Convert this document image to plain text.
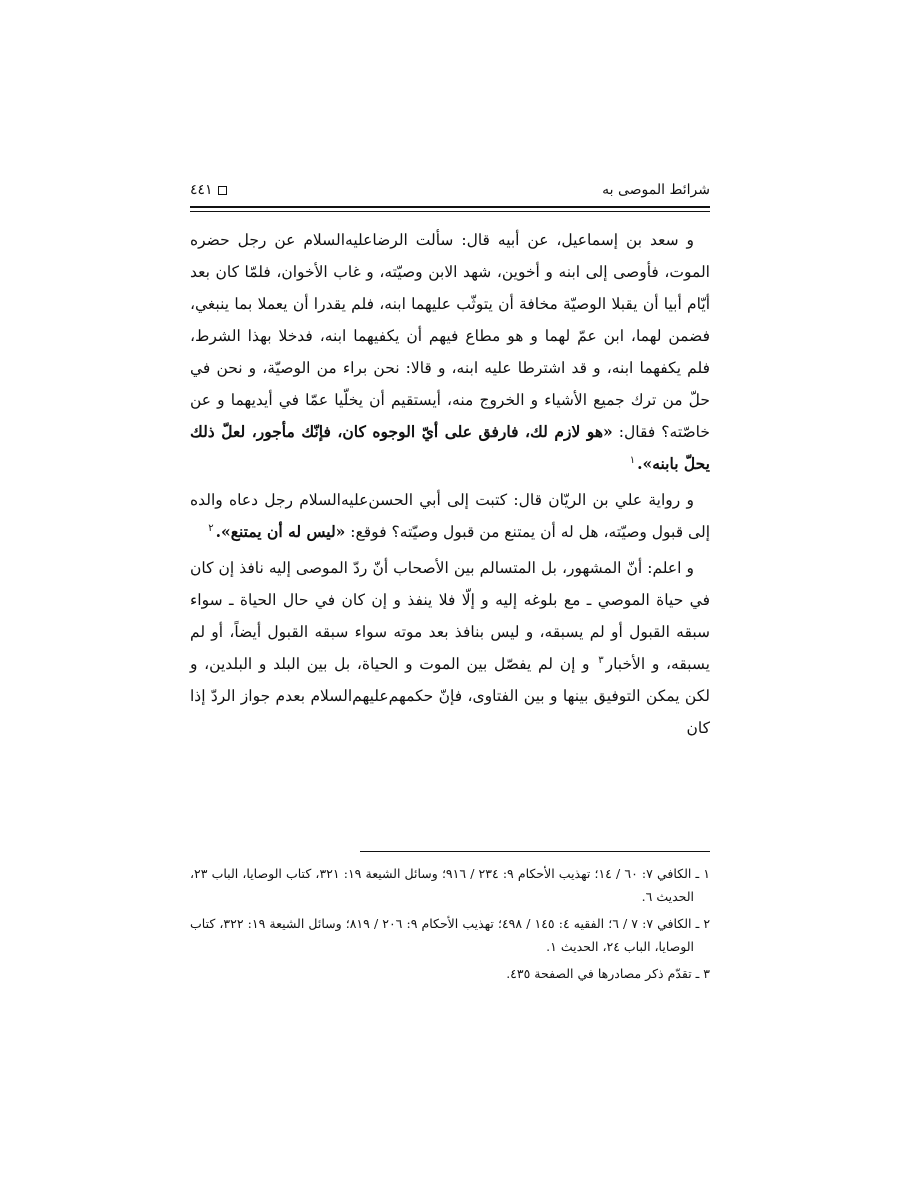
شرائط الموصى به
٤٤١

و سعد بن إسماعيل، عن أبيه قال: سألت الرضاعليه‌السلام عن رجل حضره الموت، فأوصى إلى ابنه و أخوين، شهد الابن وصيّته، و غاب الأخوان، فلمّا كان بعد أيّام أبيا أن يقبلا الوصيّة مخافة أن يتوثّب عليهما ابنه، فلم يقدرا أن يعملا بما ينبغي، فضمن لهما، ابن عمّ لهما و هو مطاع فيهم أن يكفيهما ابنه، فدخلا بهذا الشرط، فلم يكفهما ابنه، و قد اشترطا عليه ابنه، و قالا: نحن براء من الوصيّة، و نحن في حلّ من ترك جميع الأشياء و الخروج منه، أيستقيم أن يخلّيا عمّا في أيديهما و عن خاصّته؟ فقال: «هو لازم لك، فارفق على أيّ الوجوه كان، فإنّك مأجور، لعلّ ذلك يحلّ بابنه».$^١$

و رواية علي بن الريّان قال: كتبت إلى أبي الحسن‌عليه‌السلام رجل دعاه والده إلى قبول وصيّته، هل له أن يمتنع من قبول وصيّته؟ فوقع: «ليس له أن يمتنع».$^٢$

و اعلم: أنّ المشهور، بل المتسالم بين الأصحاب أنّ ردّ الموصى إليه نافذ إن كان في حياة الموصي ـ مع بلوغه إليه و إلّا فلا ينفذ و إن كان في حال الحياة ـ سواء سبقه القبول أو لم يسبقه، و ليس بنافذ بعد موته سواء سبقه القبول أيضاً، أو لم يسبقه، و الأخبار$^٣$ و إن لم يفصّل بين الموت و الحياة، بل بين البلد و البلدين، و لكن يمكن التوفيق بينها و بين الفتاوى، فإنّ حكمهم‌عليهم‌السلام بعدم جواز الردّ إذا كان

١ ـ الكافي ٧: ٦٠ / ١٤؛ تهذيب الأحكام ٩: ٢٣٤ / ٩١٦؛ وسائل الشيعة ١٩: ٣٢١، كتاب الوصايا، الباب ٢٣، الحديث ٦.

٢ ـ الكافي ٧: ٧ / ٦؛ الفقيه ٤: ١٤٥ / ٤٩٨؛ تهذيب الأحكام ٩: ٢٠٦ / ٨١٩؛ وسائل الشيعة ١٩: ٣٢٢، كتاب الوصايا، الباب ٢٤، الحديث ١.

٣ ـ تقدّم ذكر مصادرها في الصفحة ٤٣٥.
